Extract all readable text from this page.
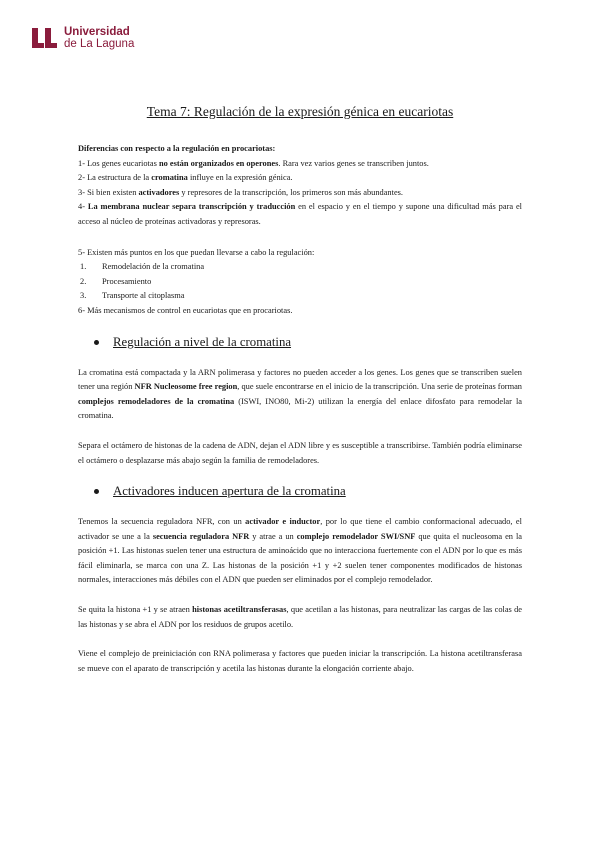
Universidad
de La Laguna
Tema 7: Regulación de la expresión génica en eucariotas

Diferencias con respecto a la regulación en procariotas:

1- Los genes eucariotas no están organizados en operones. Rara vez varios genes se transcriben juntos.

2- La estructura de la cromatina influye en la expresión génica.

3- Si bien existen activadores y represores de la transcripción, los primeros son más abundantes.

4- La membrana nuclear separa transcripción y traducción en el espacio y en el tiempo y supone una dificultad más para el acceso al núcleo de proteínas activadoras y represoras.

5- Existen más puntos en los que puedan llevarse a cabo la regulación:

1. Remodelación de la cromatina
2. Procesamiento
3. Transporte al citoplasma

6- Más mecanismos de control en eucariotas que en procariotas.

Regulación a nivel de la cromatina

La cromatina está compactada y la ARN polimerasa y factores no pueden acceder a los genes. Los genes que se transcriben suelen tener una región NFR Nucleosome free region, que suele encontrarse en el inicio de la transcripción. Una serie de proteínas forman complejos remodeladores de la cromatina (ISWI, INO80, Mi-2) utilizan la energía del enlace difosfato para remodelar la cromatina.

Separa el octámero de histonas de la cadena de ADN, dejan el ADN libre y es susceptible a transcribirse. También podría eliminarse el octámero o desplazarse más abajo según la familia de remodeladores.

Activadores inducen apertura de la cromatina

Tenemos la secuencia reguladora NFR, con un activador e inductor, por lo que tiene el cambio conformacional adecuado, el activador se une a la secuencia reguladora NFR y atrae a un complejo remodelador SWI/SNF que quita el nucleosoma en la posición +1. Las histonas suelen tener una estructura de aminoácido que no interacciona fuertemente con el ADN por lo que es más fácil eliminarla, se marca con una Z. Las histonas de la posición +1 y +2 suelen tener componentes modificados de histonas normales, interacciones más débiles con el ADN que pueden ser eliminados por el complejo remodelador.

Se quita la histona +1 y se atraen histonas acetiltransferasas, que acetilan a las histonas, para neutralizar las cargas de las colas de las histonas y se abra el ADN por los residuos de grupos acetilo.

Viene el complejo de preiniciación con RNA polimerasa y factores que pueden iniciar la transcripción. La histona acetiltransferasa se mueve con el aparato de transcripción y acetila las histonas durante la elongación corriente abajo.
